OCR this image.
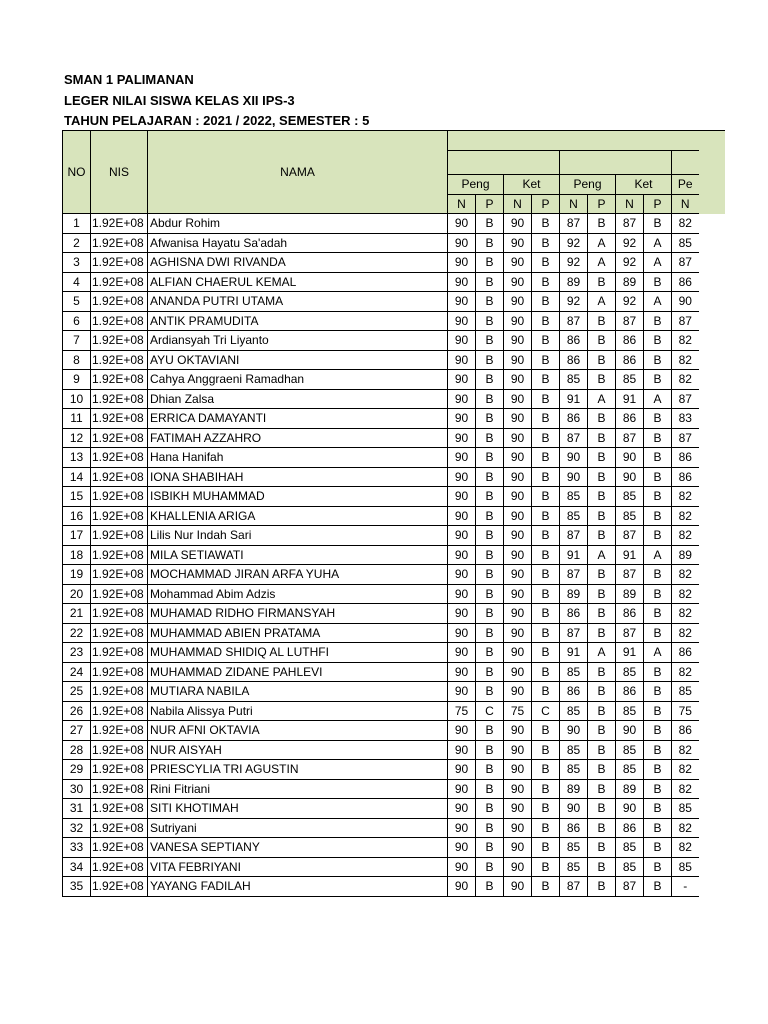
SMAN 1 PALIMANAN
LEGER NILAI SISWA KELAS XII IPS-3
TAHUN PELAJARAN : 2021 / 2022, SEMESTER : 5
NO	NIS	NAMA									

			Peng		Ket		Peng		Ket		Pe
			N	P	N	P	N	P	N	P	N
1	1.92E+08	Abdur Rohim	90	B	90	B	87	B	87	B	82
2	1.92E+08	Afwanisa Hayatu Sa'adah	90	B	90	B	92	A	92	A	85
3	1.92E+08	AGHISNA DWI RIVANDA	90	B	90	B	92	A	92	A	87
4	1.92E+08	ALFIAN CHAERUL KEMAL	90	B	90	B	89	B	89	B	86
5	1.92E+08	ANANDA PUTRI UTAMA	90	B	90	B	92	A	92	A	90
6	1.92E+08	ANTIK PRAMUDITA	90	B	90	B	87	B	87	B	87
7	1.92E+08	Ardiansyah Tri Liyanto	90	B	90	B	86	B	86	B	82
8	1.92E+08	AYU OKTAVIANI	90	B	90	B	86	B	86	B	82
9	1.92E+08	Cahya Anggraeni Ramadhan	90	B	90	B	85	B	85	B	82
10	1.92E+08	Dhian Zalsa	90	B	90	B	91	A	91	A	87
11	1.92E+08	ERRICA DAMAYANTI	90	B	90	B	86	B	86	B	83
12	1.92E+08	FATIMAH AZZAHRO	90	B	90	B	87	B	87	B	87
13	1.92E+08	Hana Hanifah	90	B	90	B	90	B	90	B	86
14	1.92E+08	IONA SHABIHAH	90	B	90	B	90	B	90	B	86
15	1.92E+08	ISBIKH MUHAMMAD	90	B	90	B	85	B	85	B	82
16	1.92E+08	KHALLENIA ARIGA	90	B	90	B	85	B	85	B	82
17	1.92E+08	Lilis Nur Indah Sari	90	B	90	B	87	B	87	B	82
18	1.92E+08	MILA SETIAWATI	90	B	90	B	91	A	91	A	89
19	1.92E+08	MOCHAMMAD JIRAN ARFA YUHA	90	B	90	B	87	B	87	B	82
20	1.92E+08	Mohammad Abim Adzis	90	B	90	B	89	B	89	B	82
21	1.92E+08	MUHAMAD RIDHO FIRMANSYAH	90	B	90	B	86	B	86	B	82
22	1.92E+08	MUHAMMAD ABIEN PRATAMA	90	B	90	B	87	B	87	B	82
23	1.92E+08	MUHAMMAD SHIDIQ AL LUTHFI	90	B	90	B	91	A	91	A	86
24	1.92E+08	MUHAMMAD ZIDANE PAHLEVI	90	B	90	B	85	B	85	B	82
25	1.92E+08	MUTIARA NABILA	90	B	90	B	86	B	86	B	85
26	1.92E+08	Nabila Alissya Putri	75	C	75	C	85	B	85	B	75
27	1.92E+08	NUR AFNI OKTAVIA	90	B	90	B	90	B	90	B	86
28	1.92E+08	NUR AISYAH	90	B	90	B	85	B	85	B	82
29	1.92E+08	PRIESCYLIA TRI AGUSTIN	90	B	90	B	85	B	85	B	82
30	1.92E+08	Rini Fitriani	90	B	90	B	89	B	89	B	82
31	1.92E+08	SITI KHOTIMAH	90	B	90	B	90	B	90	B	85
32	1.92E+08	Sutriyani	90	B	90	B	86	B	86	B	82
33	1.92E+08	VANESA SEPTIANY	90	B	90	B	85	B	85	B	82
34	1.92E+08	VITA FEBRIYANI	90	B	90	B	85	B	85	B	85
35	1.92E+08	YAYANG FADILAH	90	B	90	B	87	B	87	B	-
